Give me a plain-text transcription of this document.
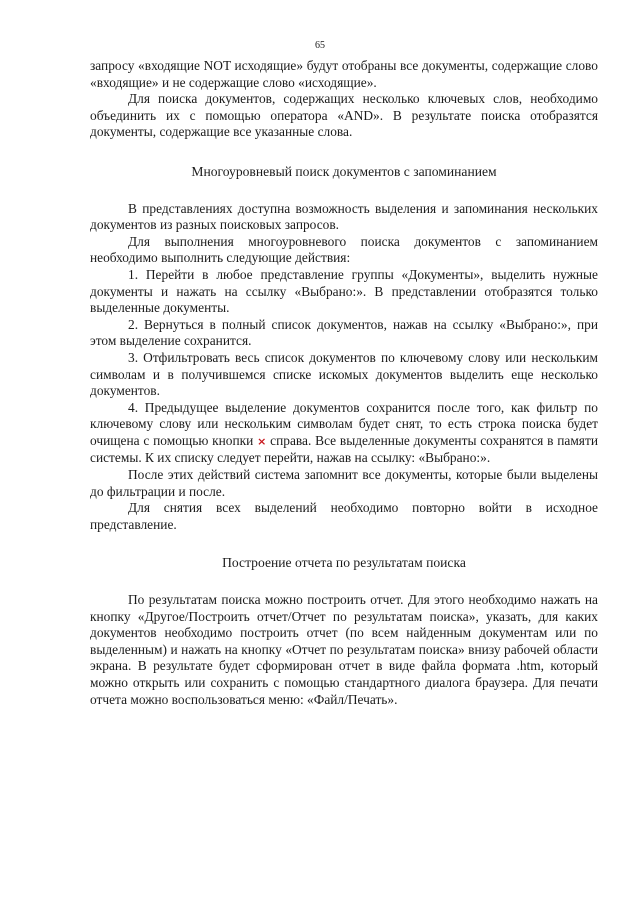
65

запросу «входящие NOT исходящие» будут отобраны все документы, содержащие слово «входящие» и не содержащие слово «исходящие».

Для поиска документов, содержащих несколько ключевых слов, необходимо объединить их с помощью оператора «AND». В результате поиска отобразятся документы, содержащие все указанные слова.

Многоуровневый поиск документов с запоминанием

В представлениях доступна возможность выделения и запоминания нескольких документов из разных поисковых запросов.

Для выполнения многоуровневого поиска документов с запоминанием необходимо выполнить следующие действия:

1. Перейти в любое представление группы «Документы», выделить нужные документы и нажать на ссылку «Выбрано:». В представлении отобразятся только выделенные документы.

2. Вернуться в полный список документов, нажав на ссылку «Выбрано:», при этом выделение сохранится.

3. Отфильтровать весь список документов по ключевому слову или нескольким символам и в получившемся списке искомых документов выделить еще несколько документов.

4. Предыдущее выделение документов сохранится после того, как фильтр по ключевому слову или нескольким символам будет снят, то есть строка поиска будет очищена с помощью кнопки × справа. Все выделенные документы сохранятся в памяти системы. К их списку следует перейти, нажав на ссылку: «Выбрано:».

После этих действий система запомнит все документы, которые были выделены до фильтрации и после.

Для снятия всех выделений необходимо повторно войти в исходное представление.

Построение отчета по результатам поиска

По результатам поиска можно построить отчет. Для этого необходимо нажать на кнопку «Другое/Построить отчет/Отчет по результатам поиска», указать, для каких документов необходимо построить отчет (по всем найденным документам или по выделенным) и нажать на кнопку «Отчет по результатам поиска» внизу рабочей области экрана. В результате будет сформирован отчет в виде файла формата .htm, который можно открыть или сохранить с помощью стандартного диалога браузера. Для печати отчета можно воспользоваться меню: «Файл/Печать».
